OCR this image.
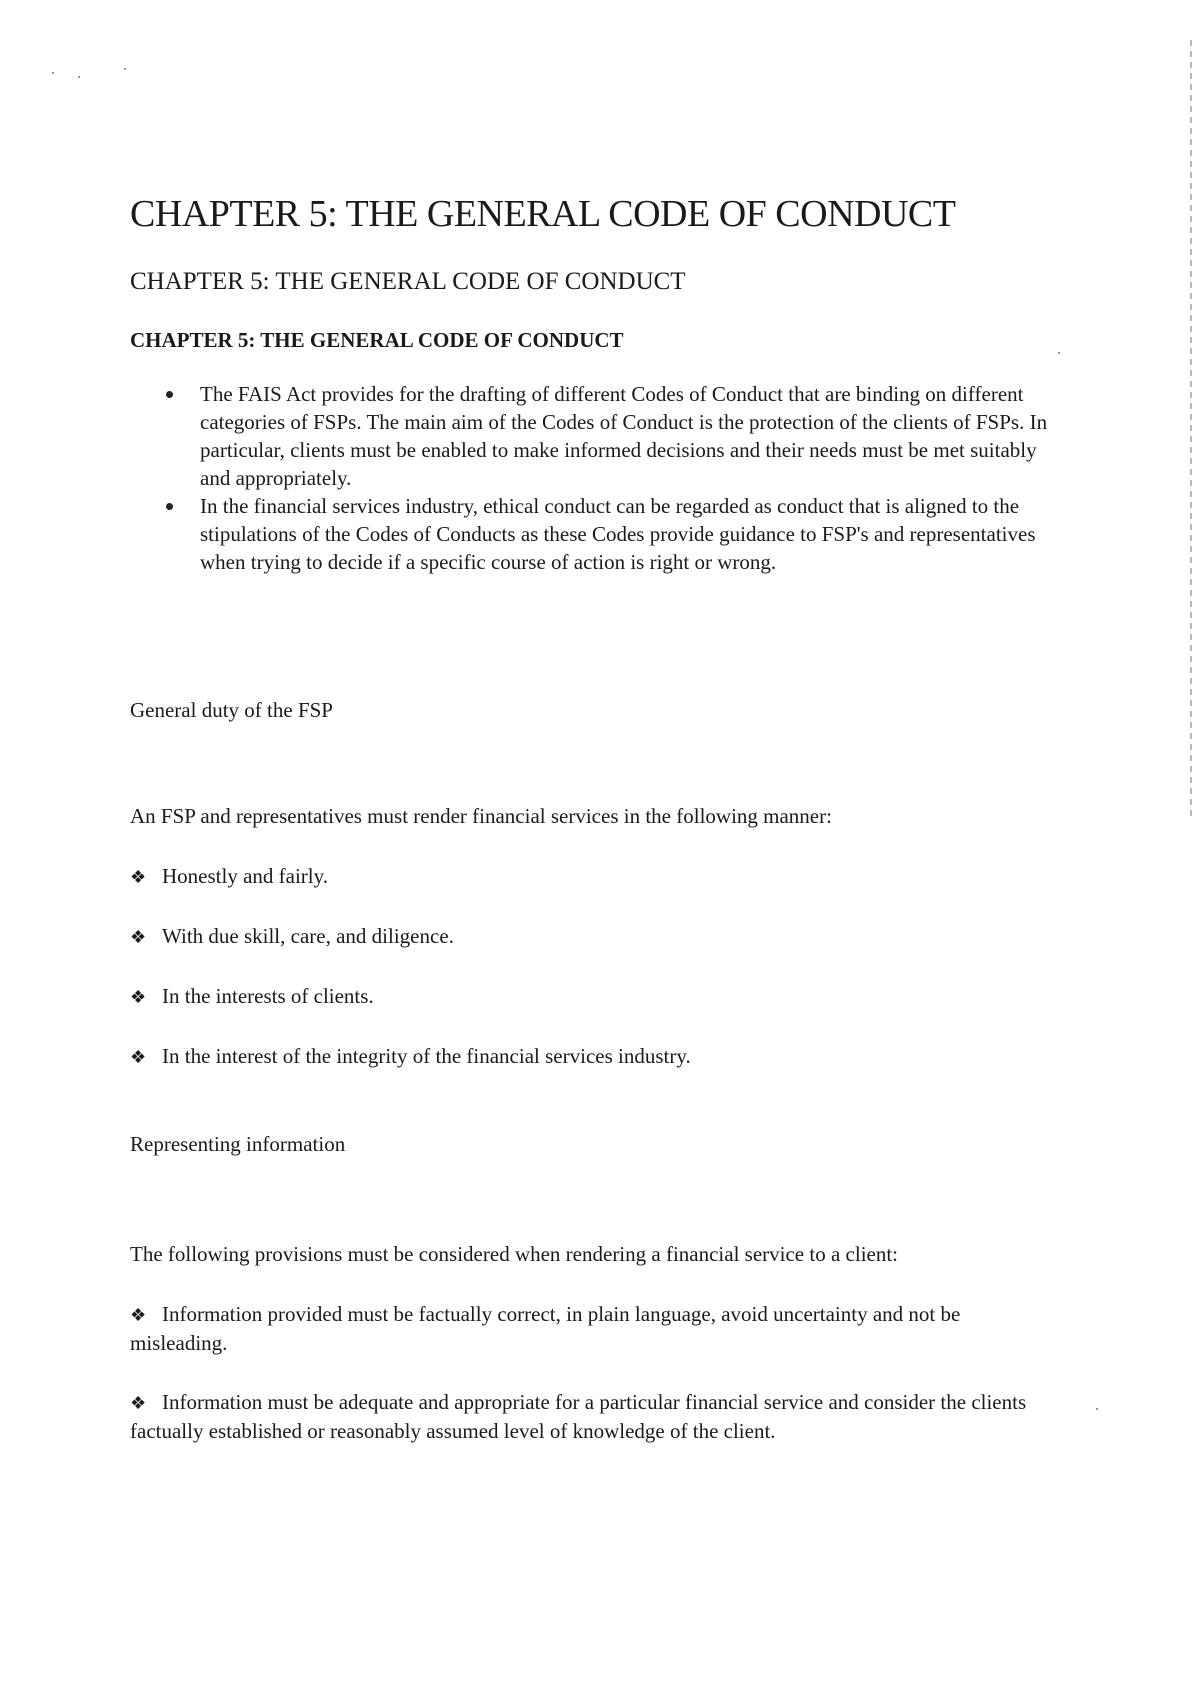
CHAPTER 5: THE GENERAL CODE OF CONDUCT
CHAPTER 5: THE GENERAL CODE OF CONDUCT
CHAPTER 5: THE GENERAL CODE OF CONDUCT
The FAIS Act provides for the drafting of different Codes of Conduct that are binding on different categories of FSPs. The main aim of the Codes of Conduct is the protection of the clients of FSPs. In particular, clients must be enabled to make informed decisions and their needs must be met suitably and appropriately.
In the financial services industry, ethical conduct can be regarded as conduct that is aligned to the stipulations of the Codes of Conducts as these Codes provide guidance to FSP's and representatives when trying to decide if a specific course of action is right or wrong.

General duty of the FSP

An FSP and representatives must render financial services in the following manner:

❖ Honestly and fairly.

❖ With due skill, care, and diligence.

❖ In the interests of clients.

❖ In the interest of the integrity of the financial services industry.

Representing information

The following provisions must be considered when rendering a financial service to a client:

❖ Information provided must be factually correct, in plain language, avoid uncertainty and not be misleading.

❖ Information must be adequate and appropriate for a particular financial service and consider the clients factually established or reasonably assumed level of knowledge of the client.
